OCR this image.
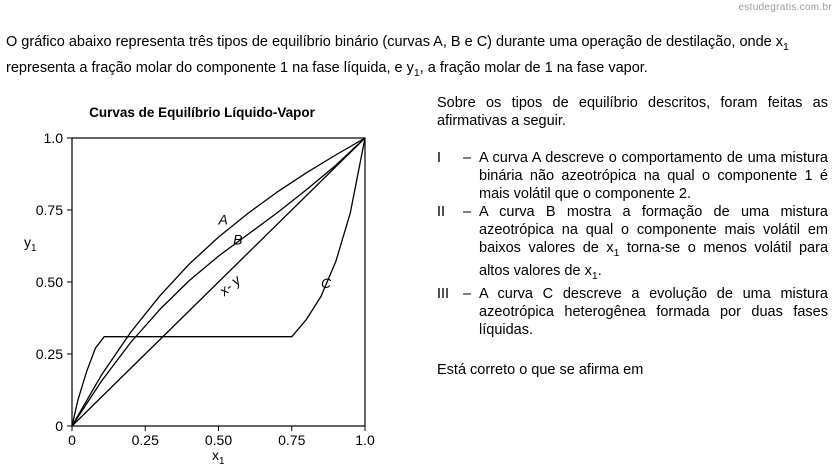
estudegratis.com.br
O gráfico abaixo representa três tipos de equilíbrio binário (curvas A, B e C) durante uma operação de destilação, onde $x_1$
representa a fração molar do componente 1 na fase líquida, e $y_1$, a fração molar de 1 na fase vapor.
Curvas de Equilíbrio Líquido-Vapor
0	0.25	0.50	0.75	1.0
0
0.25
0.50
0.75
1.0
A
B
x- y	C
$x_1$
$y_1$
Sobre os tipos de equilíbrio descritos, foram feitas as afirmativas a seguir.
I	– A curva A descreve o comportamento de uma mistura binária não azeotrópica na qual o componente 1 é mais volátil que o componente 2.
II	– A curva B mostra a formação de uma mistura azeotrópica na qual o componente mais volátil em baixos valores de $x_1$ torna-se o menos volátil para altos valores de $x_1$.
III – A curva C descreve a evolução de uma mistura azeotrópica heterogênea formada por duas fases líquidas.
Está correto o que se afirma em
